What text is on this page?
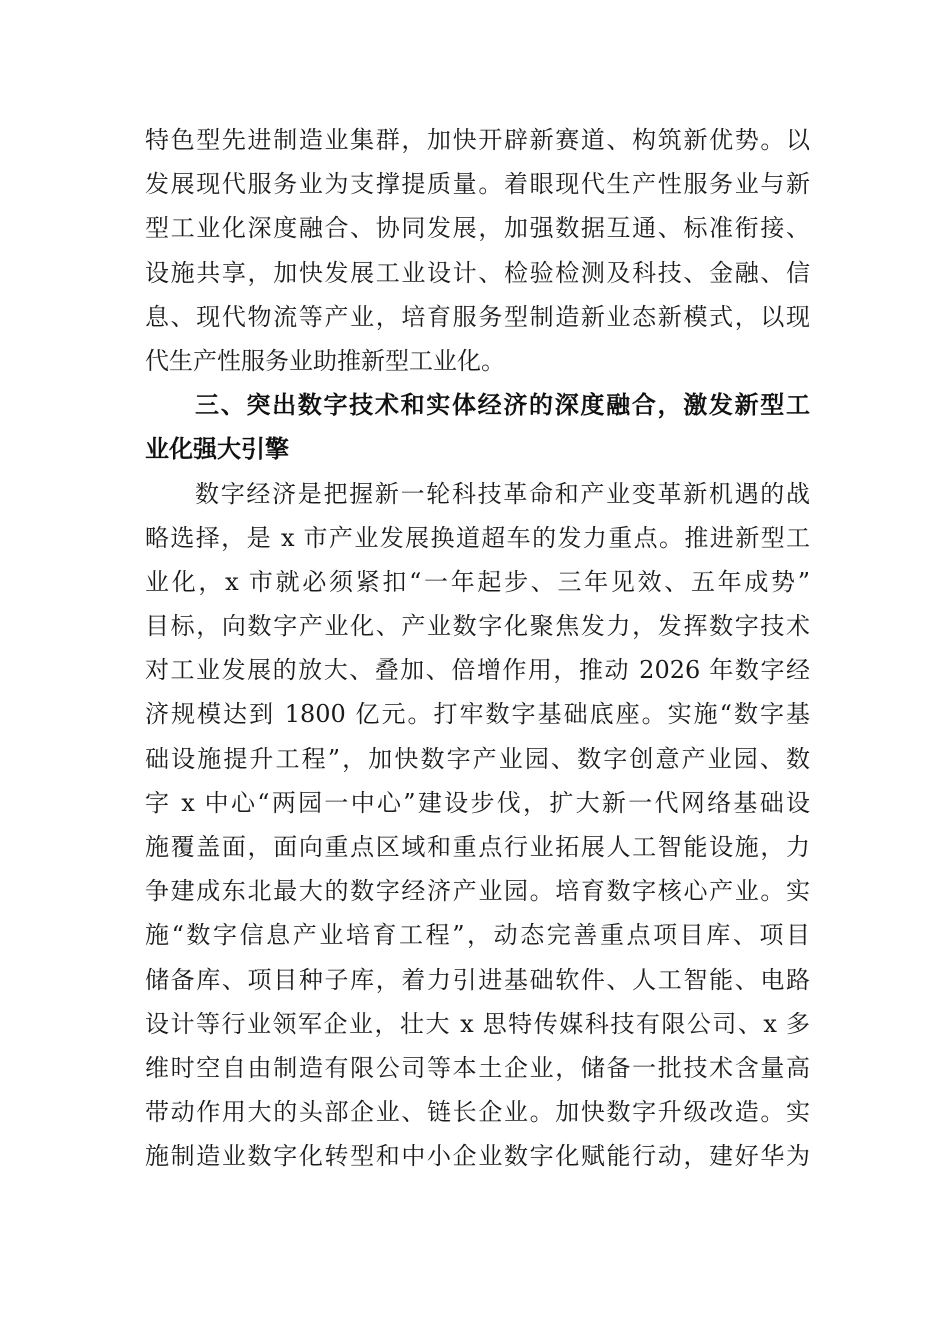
特色型先进制造业集群，加快开辟新赛道、构筑新优势。以
发展现代服务业为支撑提质量。着眼现代生产性服务业与新
型工业化深度融合、协同发展，加强数据互通、标准衔接、
设施共享，加快发展工业设计、检验检测及科技、金融、信
息、现代物流等产业，培育服务型制造新业态新模式，以现
代生产性服务业助推新型工业化。
三、突出数字技术和实体经济的深度融合，激发新型工
业化强大引擎
数字经济是把握新一轮科技革命和产业变革新机遇的战
略选择，是 x 市产业发展换道超车的发力重点。推进新型工
业化，x 市就必须紧扣“一年起步、三年见效、五年成势”
目标，向数字产业化、产业数字化聚焦发力，发挥数字技术
对工业发展的放大、叠加、倍增作用，推动 2026 年数字经
济规模达到 1800 亿元。打牢数字基础底座。实施“数字基
础设施提升工程”，加快数字产业园、数字创意产业园、数
字 x 中心“两园一中心”建设步伐，扩大新一代网络基础设
施覆盖面，面向重点区域和重点行业拓展人工智能设施，力
争建成东北最大的数字经济产业园。培育数字核心产业。实
施“数字信息产业培育工程”，动态完善重点项目库、项目
储备库、项目种子库，着力引进基础软件、人工智能、电路
设计等行业领军企业，壮大 x 思特传媒科技有限公司、x 多
维时空自由制造有限公司等本土企业，储备一批技术含量高
带动作用大的头部企业、链长企业。加快数字升级改造。实
施制造业数字化转型和中小企业数字化赋能行动，建好华为
